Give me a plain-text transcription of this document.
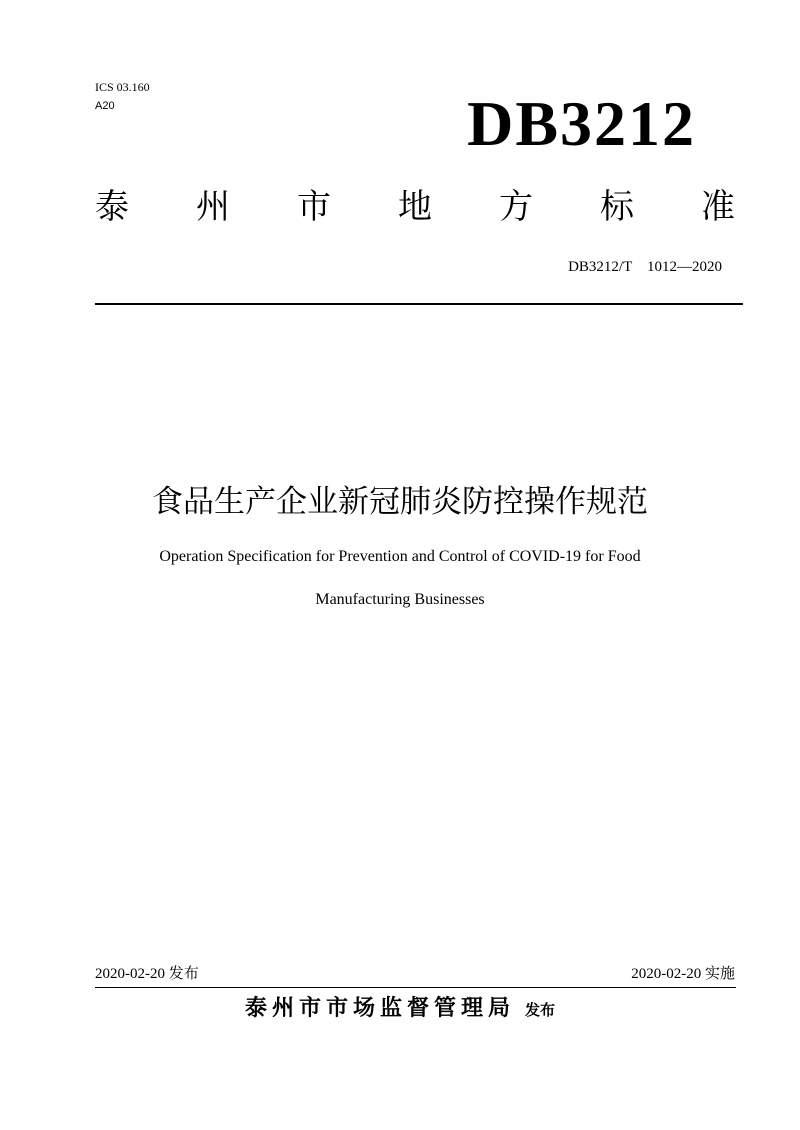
ICS 03.160
A20	DB3212
泰 州 市 地 方 标 准
DB3212/T　1012—2020
食品生产企业新冠肺炎防控操作规范
Operation Specification for Prevention and Control of COVID-19 for Food
Manufacturing Businesses
2020-02-20 发布	2020-02-20 实施
泰州市市场监督管理局 发布
